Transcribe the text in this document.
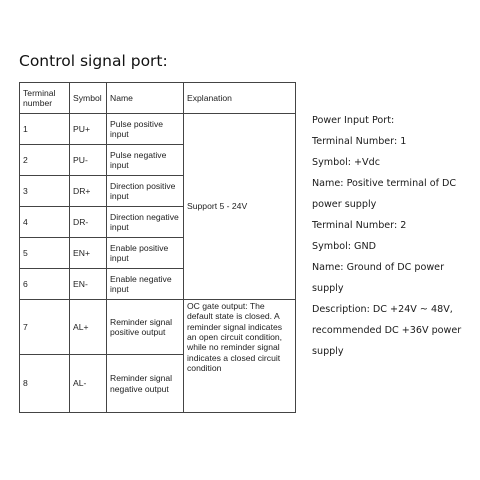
Control signal port:
Terminal number	Symbol	Name	Explanation
1	PU+	Pulse positive input	Support 5 - 24V
2	PU-	Pulse negative input	
3	DR+	Direction positive input	
4	DR-	Direction negative input	
5	EN+	Enable positive input	
6	EN-	Enable negative input	
7	AL+	Reminder signal positive output	OC gate output: The default state is closed. A reminder signal indicates an open circuit condition, while no reminder signal indicates a closed circuit condition
8	AL-	Reminder signal negative output	

Power Input Port:

Terminal Number: 1

Symbol: +Vdc

Name: Positive terminal of DC power supply

Terminal Number: 2

Symbol: GND

Name: Ground of DC power supply

Description: DC +24V ~ 48V, recommended DC +36V power supply
